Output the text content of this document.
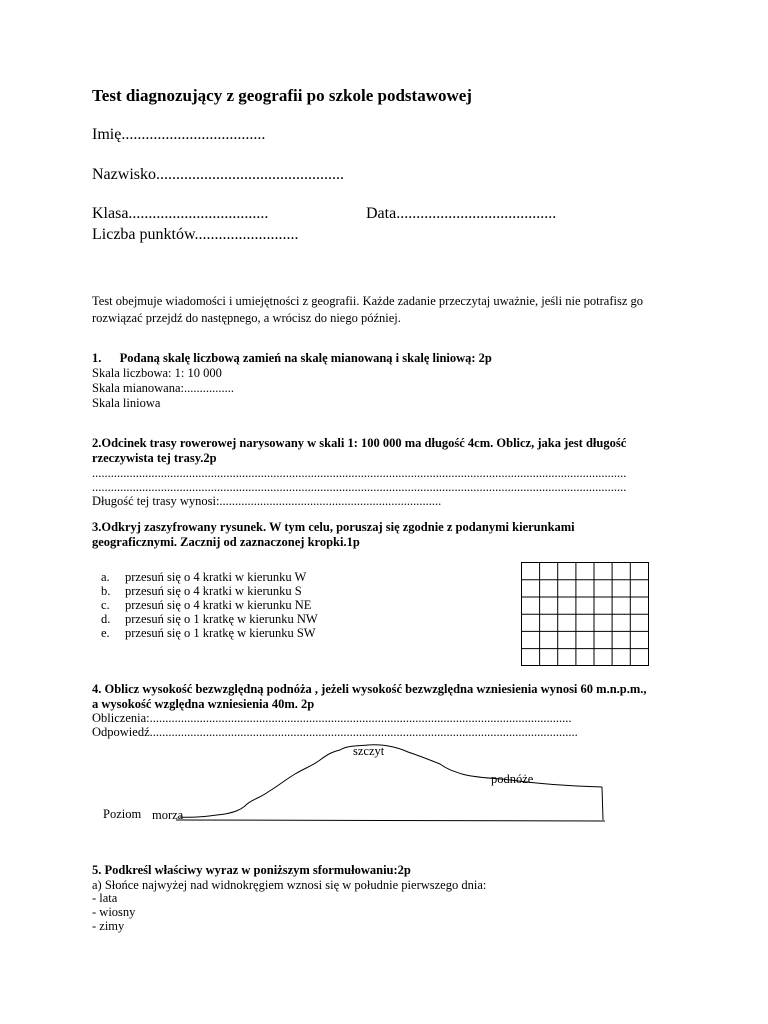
Test diagnozujący z geografii po szkole podstawowej
Imię....................................
Nazwisko...............................................
Klasa...................................	Data........................................
Liczba punktów..........................
Test obejmuje wiadomości i umiejętności z geografii. Każde zadanie przeczytaj uważnie, jeśli nie potrafisz go
rozwiązać przejdź do następnego, a wrócisz do niego później.
1. Podaną skalę liczbową zamień na skalę mianowaną i skalę liniową: 2p
Skala liczbowa: 1: 10 000
Skala mianowana:................
Skala liniowa
2.Odcinek trasy rowerowej narysowany w skali 1: 100 000 ma długość 4cm. Oblicz, jaka jest długość
rzeczywista tej trasy.2p
...........................................................................................................................................................................
...........................................................................................................................................................................
Długość tej trasy wynosi:.......................................................................
3.Odkryj zaszyfrowany rysunek. W tym celu, poruszaj się zgodnie z podanymi kierunkami
geograficznymi. Zacznij od zaznaczonej kropki.1p
a. przesuń się o 4 kratki w kierunku W
b. przesuń się o 4 kratki w kierunku S
c. przesuń się o 4 kratki w kierunku NE
d. przesuń się o 1 kratkę w kierunku NW
e. przesuń się o 1 kratkę w kierunku SW
4. Oblicz wysokość bezwzględną podnóża , jeżeli wysokość bezwzględna wzniesienia wynosi 60 m.n.p.m.,
a wysokość względna wzniesienia 40m. 2p
Obliczenia:.......................................................................................................................................
Odpowiedź.........................................................................................................................................
szczyt
podnóże
Poziom morza
5. Podkreśl właściwy wyraz w poniższym sformułowaniu:2p
a) Słońce najwyżej nad widnokręgiem wznosi się w południe pierwszego dnia:
- lata
- wiosny
- zimy
